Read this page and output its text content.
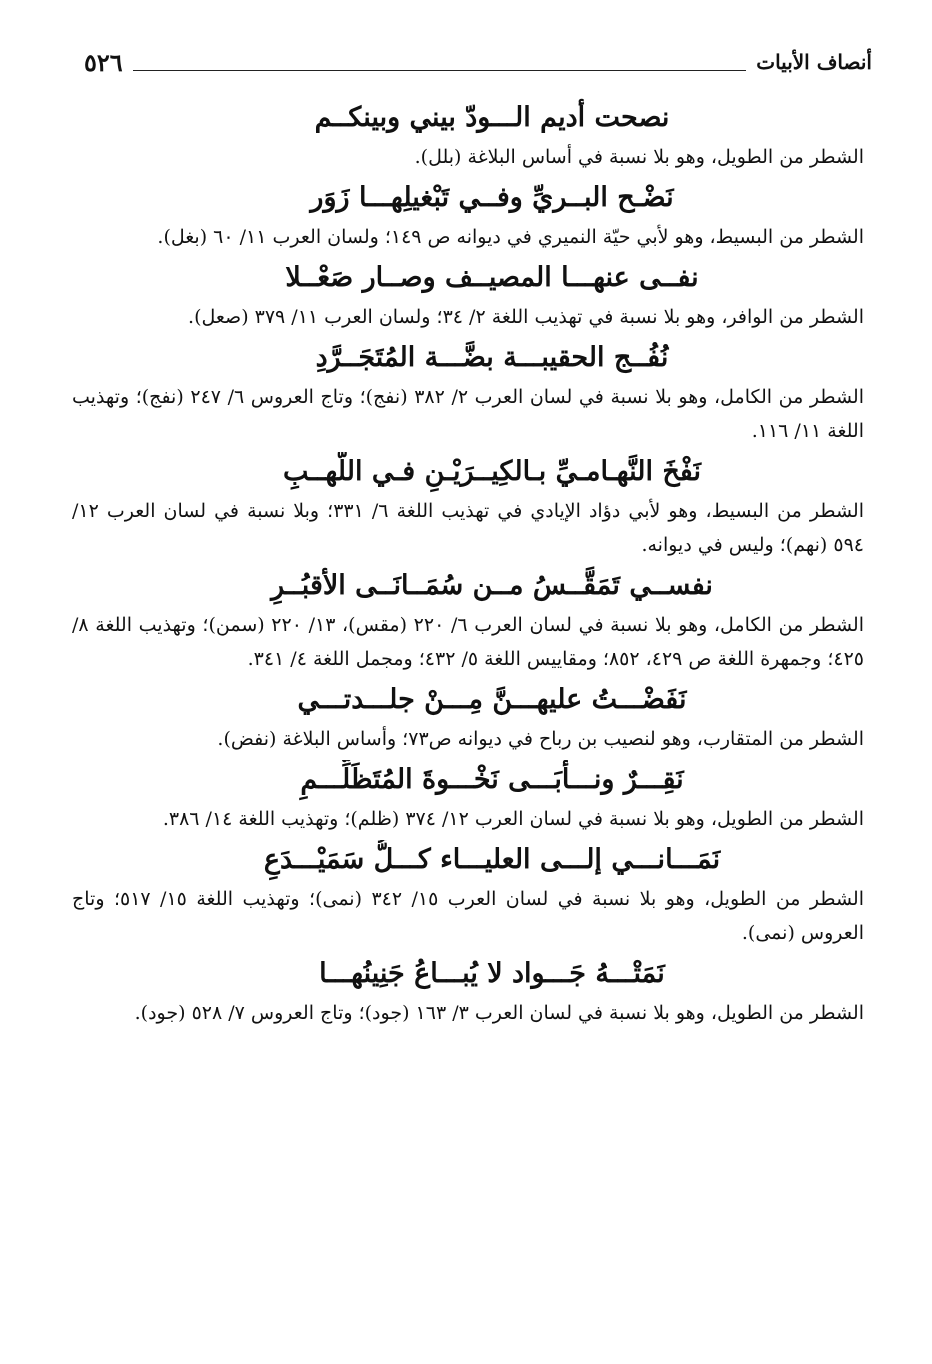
أنصاف الأبيات
٥٢٦
نصحت أديم الـــودّ بيني وبينكــم

الشطر من الطويل، وهو بلا نسبة في أساس البلاغة (بلل).

نَضْـح البــريِّ وفــي تَبْغيلِهـــا زَوَر

الشطر من البسيط، وهو لأبي حيّة النميري في ديوانه ص ١٤٩؛ ولسان العرب ١١/ ٦٠ (بغل).

نفــى عنهـــا المصيــف وصــار صَعْــلا

الشطر من الوافر، وهو بلا نسبة في تهذيب اللغة ٢/ ٣٤؛ ولسان العرب ١١/ ٣٧٩ (صعل).

نُفُــج الحقيبـــة بضَّـــة المُتَجَــرَّدِ

الشطر من الكامل، وهو بلا نسبة في لسان العرب ٢/ ٣٨٢ (نفج)؛ وتاج العروس ٦/ ٢٤٧ (نفج)؛ وتهذيب اللغة ١١/ ١١٦.

نَفْخَ النَّهـامـيِّ بـالكِيــرَيْـنِ فـي اللَّهــبِ

الشطر من البسيط، وهو لأبي دؤاد الإيادي في تهذيب اللغة ٦/ ٣٣١؛ وبلا نسبة في لسان العرب ١٢/ ٥٩٤ (نهم)؛ وليس في ديوانه.

نفســي تَمَقَّــسُ مــن سُمَــانَــى الأقبُــرِ

الشطر من الكامل، وهو بلا نسبة في لسان العرب ٦/ ٢٢٠ (مقس)، ١٣/ ٢٢٠ (سمن)؛ وتهذيب اللغة ٨/ ٤٢٥؛ وجمهرة اللغة ص ٤٢٩، ٨٥٢؛ ومقاييس اللغة ٥/ ٤٣٢؛ ومجمل اللغة ٤/ ٣٤١.

نَفَضْـــتُ عليهـــنَّ مِـــنْ جلـــدتـــي

الشطر من المتقارب، وهو لنصيب بن رباح في ديوانه ص٧٣؛ وأساس البلاغة (نفض).

نَقِـــرٌ ونـــأُبَـــى نَخْـــوةَ المُتَظَلِّـــمِ

الشطر من الطويل، وهو بلا نسبة في لسان العرب ١٢/ ٣٧٤ (ظلم)؛ وتهذيب اللغة ١٤/ ٣٨٦.

نَمَـــانـــي إلـــى العليـــاء كـــلُّ سَمَيْـــدَعِ

الشطر من الطويل، وهو بلا نسبة في لسان العرب ١٥/ ٣٤٢ (نمى)؛ وتهذيب اللغة ١٥/ ٥١٧؛ وتاج العروس (نمى).

نَمَتْـــهُ جَـــواد لا يُبـــاعُ جَنِينُهـــا

الشطر من الطويل، وهو بلا نسبة في لسان العرب ٣/ ١٦٣ (جود)؛ وتاج العروس ٧/ ٥٢٨ (جود).
